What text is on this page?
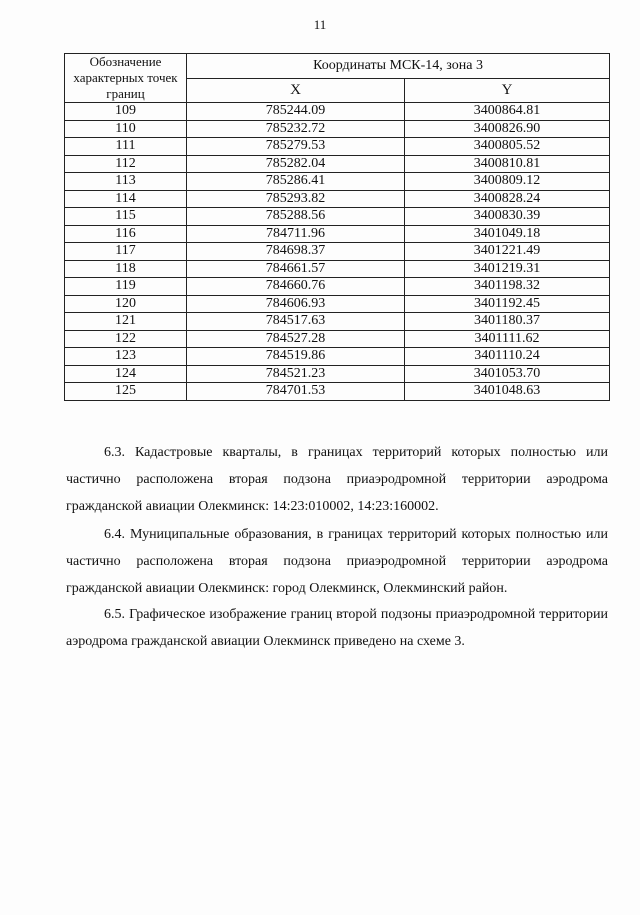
11
Обозначение характерных точек границ	Координаты МСК-14, зона 3	
	X	Y
109	785244.09	3400864.81
110	785232.72	3400826.90
111	785279.53	3400805.52
112	785282.04	3400810.81
113	785286.41	3400809.12
114	785293.82	3400828.24
115	785288.56	3400830.39
116	784711.96	3401049.18
117	784698.37	3401221.49
118	784661.57	3401219.31
119	784660.76	3401198.32
120	784606.93	3401192.45
121	784517.63	3401180.37
122	784527.28	3401111.62
123	784519.86	3401110.24
124	784521.23	3401053.70
125	784701.53	3401048.63

6.3. Кадастровые кварталы, в границах территорий которых полностью или частично расположена вторая подзона приаэродромной территории аэродрома гражданской авиации Олекминск: 14:23:010002, 14:23:160002.

6.4. Муниципальные образования, в границах территорий которых полностью или частично расположена вторая подзона приаэродромной территории аэродрома гражданской авиации Олекминск: город Олекминск, Олекминский район.

6.5. Графическое изображение границ второй подзоны приаэродромной территории аэродрома гражданской авиации Олекминск приведено на схеме 3.
